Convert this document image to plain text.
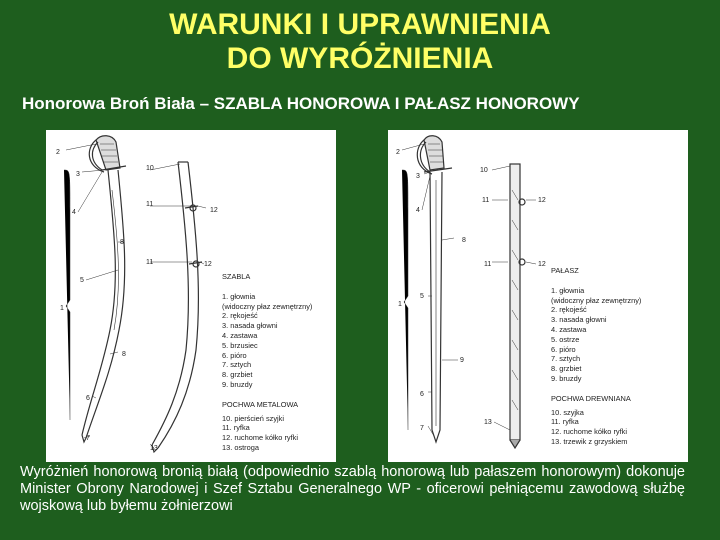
WARUNKI I UPRAWNIENIA
DO WYRÓŻNIENIA
Honorowa Broń Biała – SZABLA HONOROWA I PAŁASZ HONOROWY
2
3
10
11
12
4
8
11	12
5
1
8
6
7
13
SZABLA
1. głownia
(widoczny płaz zewnętrzny)
2. rękojeść
3. nasada głowni
4. zastawa
5. brzusiec
6. pióro
7. sztych
8. grzbiet
9. bruzdy
POCHWA METALOWA
10. pierścień szyjki
11. ryfka
12. ruchome kółko ryfki
13. ostroga
2
3
10
11	12
4
8
11	12
5
1
9
6
7
13
PAŁASZ
1. głownia
(widoczny płaz zewnętrzny)
2. rękojeść
3. nasada głowni
4. zastawa
5. ostrze
6. pióro
7. sztych
8. grzbiet
9. bruzdy
POCHWA DREWNIANA
10. szyjka
11. ryfka
12. ruchome kółko ryfki
13. trzewik z grzyskiem
Wyróżnień honorową bronią białą (odpowiednio szablą honorową lub pałaszem honorowym) dokonuje Minister Obrony Narodowej i Szef Sztabu Generalnego WP - oficerowi pełniącemu zawodową służbę wojskową lub byłemu żołnierzowi
